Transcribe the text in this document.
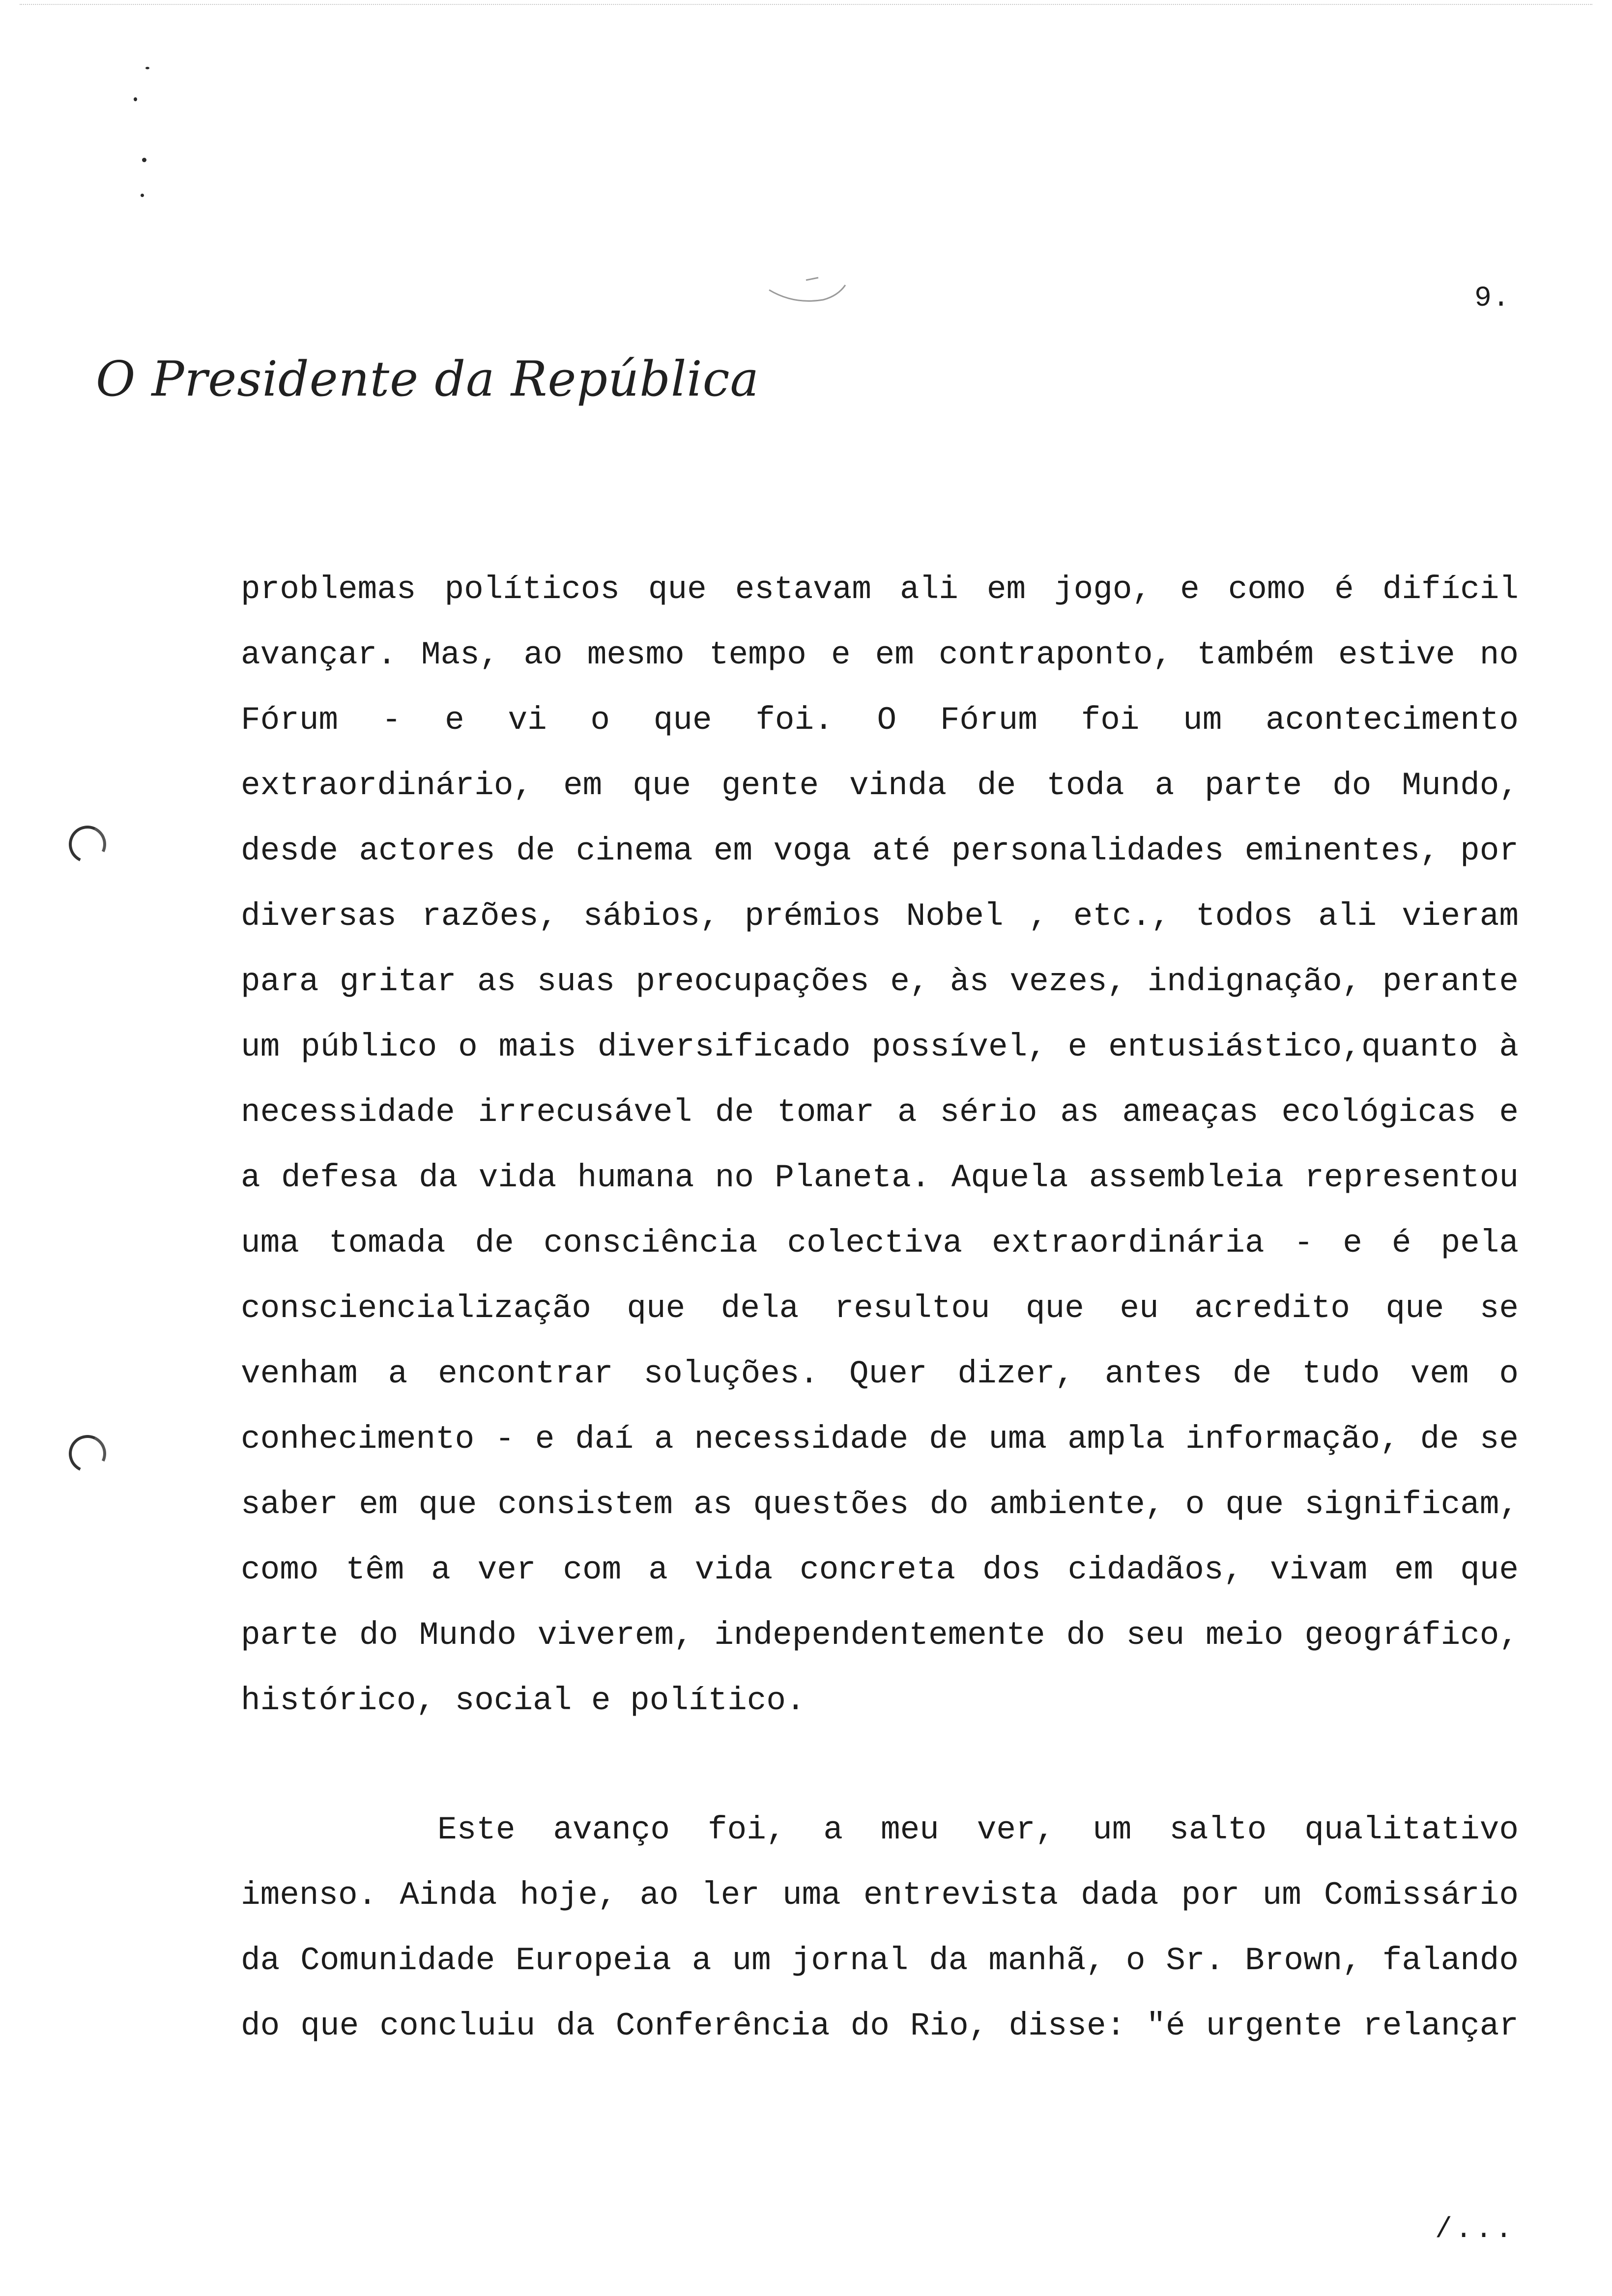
9.
O Presidente da República
problemas políticos que estavam ali em jogo, e como é difícil
avançar. Mas, ao mesmo tempo e em contraponto, também estive no
Fórum - e vi o que foi. O Fórum foi um acontecimento
extraordinário, em que gente vinda de toda a parte do Mundo,
desde actores de cinema em voga até personalidades eminentes, por
diversas razões, sábios, prémios Nobel , etc., todos ali vieram
para gritar as suas preocupações e, às vezes, indignação, perante
um público o mais diversificado possível, e entusiástico,quanto à
necessidade irrecusável de tomar a sério as ameaças ecológicas e
a defesa da vida humana no Planeta. Aquela assembleia representou
uma tomada de consciência colectiva extraordinária - e é pela
consciencialização que dela resultou que eu acredito que se
venham a encontrar soluções. Quer dizer, antes de tudo vem o
conhecimento - e daí a necessidade de uma ampla informação, de se
saber em que consistem as questões do ambiente, o que significam,
como têm a ver com a vida concreta dos cidadãos, vivam em que
parte do Mundo viverem, independentemente do seu meio geográfico,
histórico, social e político.
Este avanço foi, a meu ver, um salto qualitativo
imenso. Ainda hoje, ao ler uma entrevista dada por um Comissário
da Comunidade Europeia a um jornal da manhã, o Sr. Brown, falando
do que concluiu da Conferência do Rio, disse: "é urgente relançar
/...
